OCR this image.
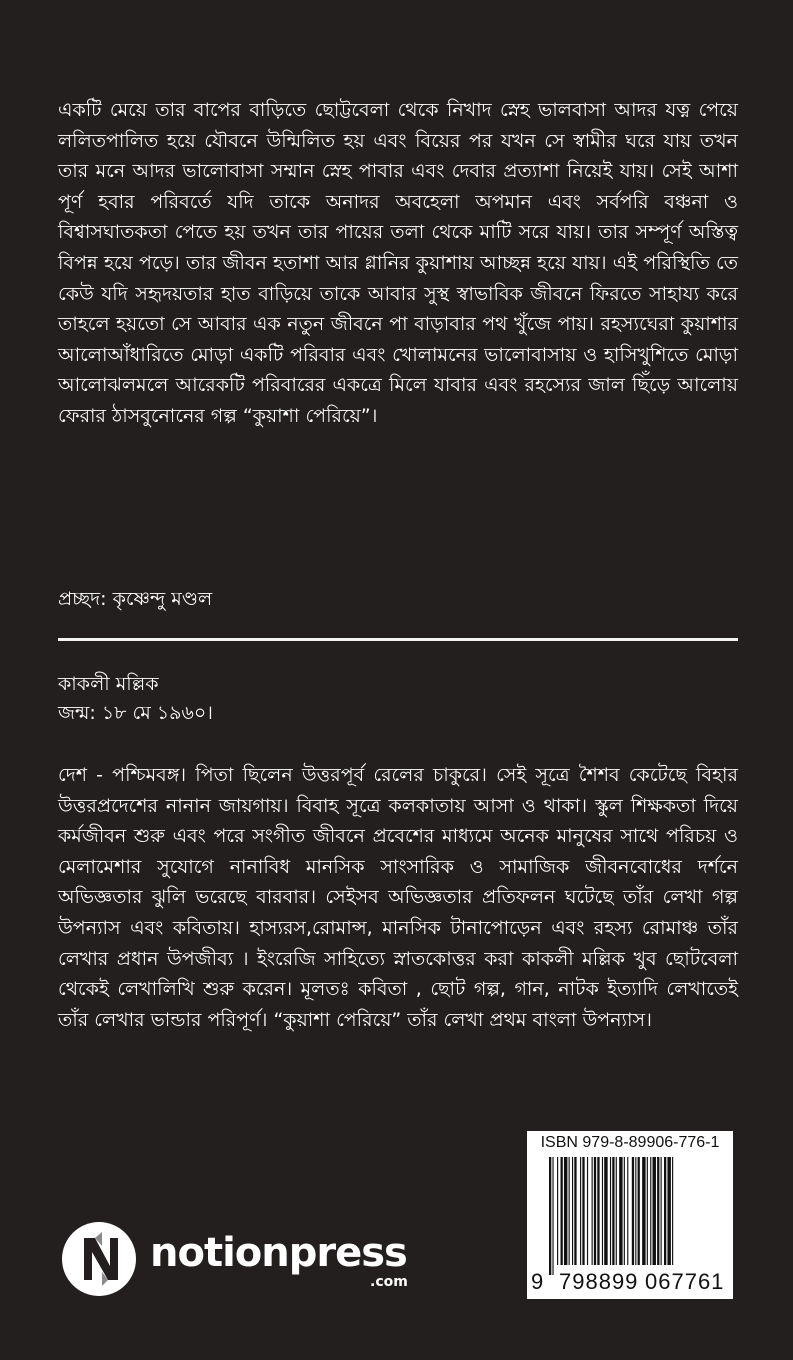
একটি মেয়ে তার বাপের বাড়িতে ছোট্টবেলা থেকে নিখাদ স্নেহ ভালবাসা আদর যত্ন পেয়ে ললিতপালিত হয়ে যৌবনে উন্মিলিত হয় এবং বিয়ের পর যখন সে স্বামীর ঘরে যায় তখন তার মনে আদর ভালোবাসা সম্মান স্নেহ পাবার এবং দেবার প্রত্যাশা নিয়েই যায়। সেই আশা পূর্ণ হবার পরিবর্তে যদি তাকে অনাদর অবহেলা অপমান এবং সর্বপরি বঞ্চনা ও বিশ্বাসঘাতকতা পেতে হয় তখন তার পায়ের তলা থেকে মাটি সরে যায়। তার সম্পূর্ণ অস্তিত্ব বিপন্ন হয়ে পড়ে। তার জীবন হতাশা আর গ্লানির কুয়াশায় আচ্ছন্ন হয়ে যায়। এই পরিস্থিতি তে কেউ যদি সহৃদয়তার হাত বাড়িয়ে তাকে আবার সুস্থ স্বাভাবিক জীবনে ফিরতে সাহায্য করে তাহলে হয়তো সে আবার এক নতুন জীবনে পা বাড়াবার পথ খুঁজে পায়। রহস্যঘেরা কুয়াশার আলোআঁধারিতে মোড়া একটি পরিবার এবং খোলামনের ভালোবাসায় ও হাসিখুশিতে মোড়া আলোঝলমলে আরেকটি পরিবারের একত্রে মিলে যাবার এবং রহস্যের জাল ছিঁড়ে আলোয় ফেরার ঠাসবুনোনের গল্প “কুয়াশা পেরিয়ে”।

প্রচ্ছদ: কৃষ্ণেন্দু মণ্ডল

কাকলী মল্লিক
জন্ম: ১৮ মে ১৯৬০।

দেশ - পশ্চিমবঙ্গ। পিতা ছিলেন উত্তরপূর্ব রেলের চাকুরে। সেই সূত্রে শৈশব কেটেছে বিহার উত্তরপ্রদেশের নানান জায়গায়। বিবাহ সূত্রে কলকাতায় আসা ও থাকা। স্কুল শিক্ষকতা দিয়ে কর্মজীবন শুরু এবং পরে সংগীত জীবনে প্রবেশের মাধ্যমে অনেক মানুষের সাথে পরিচয় ও মেলামেশার সুযোগে নানাবিধ মানসিক সাংসারিক ও সামাজিক জীবনবোধের দর্শনে অভিজ্ঞতার ঝুলি ভরেছে বারবার। সেইসব অভিজ্ঞতার প্রতিফলন ঘটেছে তাঁর লেখা গল্প উপন্যাস এবং কবিতায়। হাস্যরস,রোমান্স, মানসিক টানাপোড়েন এবং রহস্য রোমাঞ্চ তাঁর লেখার প্রধান উপজীব্য । ইংরেজি সাহিত্যে স্নাতকোত্তর করা কাকলী মল্লিক খুব ছোটবেলা থেকেই লেখালিখি শুরু করেন। মূলতঃ কবিতা , ছোট গল্প, গান, নাটক ইত্যাদি লেখাতেই তাঁর লেখার ভান্ডার পরিপূর্ণ। “কুয়াশা পেরিয়ে” তাঁর লেখা প্রথম বাংলা উপন্যাস।

notionpress
.com
ISBN 979-8-89906-776-1
9 798899 067761
